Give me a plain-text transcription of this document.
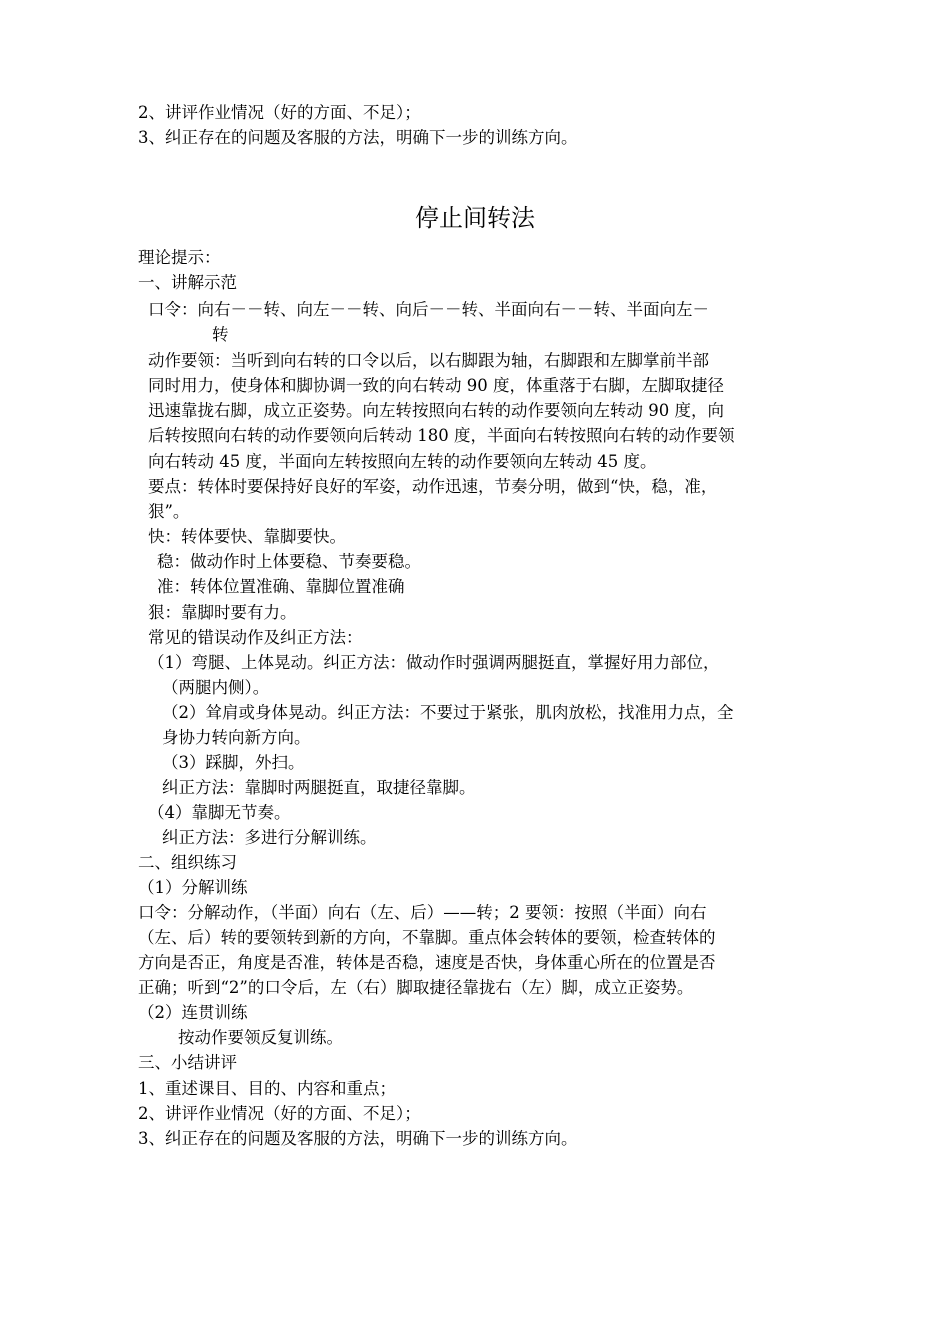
2、讲评作业情况（好的方面、不足）；
3、纠正存在的问题及客服的方法，明确下一步的训练方向。
停止间转法
理论提示：
一、讲解示范
口令：向右－－转、向左－－转、向后－－转、半面向右－－转、半面向左－
转
动作要领：当听到向右转的口令以后，以右脚跟为轴，右脚跟和左脚掌前半部
同时用力，使身体和脚协调一致的向右转动 90 度，体重落于右脚，左脚取捷径
迅速靠拢右脚，成立正姿势。向左转按照向右转的动作要领向左转动 90 度，向
后转按照向右转的动作要领向后转动 180 度，半面向右转按照向右转的动作要领
向右转动 45 度，半面向左转按照向左转的动作要领向左转动 45 度。
要点：转体时要保持好良好的军姿，动作迅速，节奏分明，做到“快，稳，准，
狠”。
快：转体要快、靠脚要快。
稳：做动作时上体要稳、节奏要稳。
准：转体位置准确、靠脚位置准确
狠：靠脚时要有力。
常见的错误动作及纠正方法：
（1）弯腿、上体晃动。纠正方法：做动作时强调两腿挺直，掌握好用力部位，
（两腿内侧）。
（2）耸肩或身体晃动。纠正方法：不要过于紧张，肌肉放松，找准用力点，全
身协力转向新方向。
（3）踩脚，外扫。
纠正方法：靠脚时两腿挺直，取捷径靠脚。
（4）靠脚无节奏。
纠正方法：多进行分解训练。
二、组织练习
（1）分解训练
口令：分解动作，（半面）向右（左、后）——转；2 要领：按照（半面）向右
（左、后）转的要领转到新的方向，不靠脚。重点体会转体的要领，检查转体的
方向是否正，角度是否准，转体是否稳，速度是否快，身体重心所在的位置是否
正确；听到“2”的口令后，左（右）脚取捷径靠拢右（左）脚，成立正姿势。
（2）连贯训练
按动作要领反复训练。
三、小结讲评
1、重述课目、目的、内容和重点；
2、讲评作业情况（好的方面、不足）；
3、纠正存在的问题及客服的方法，明确下一步的训练方向。
